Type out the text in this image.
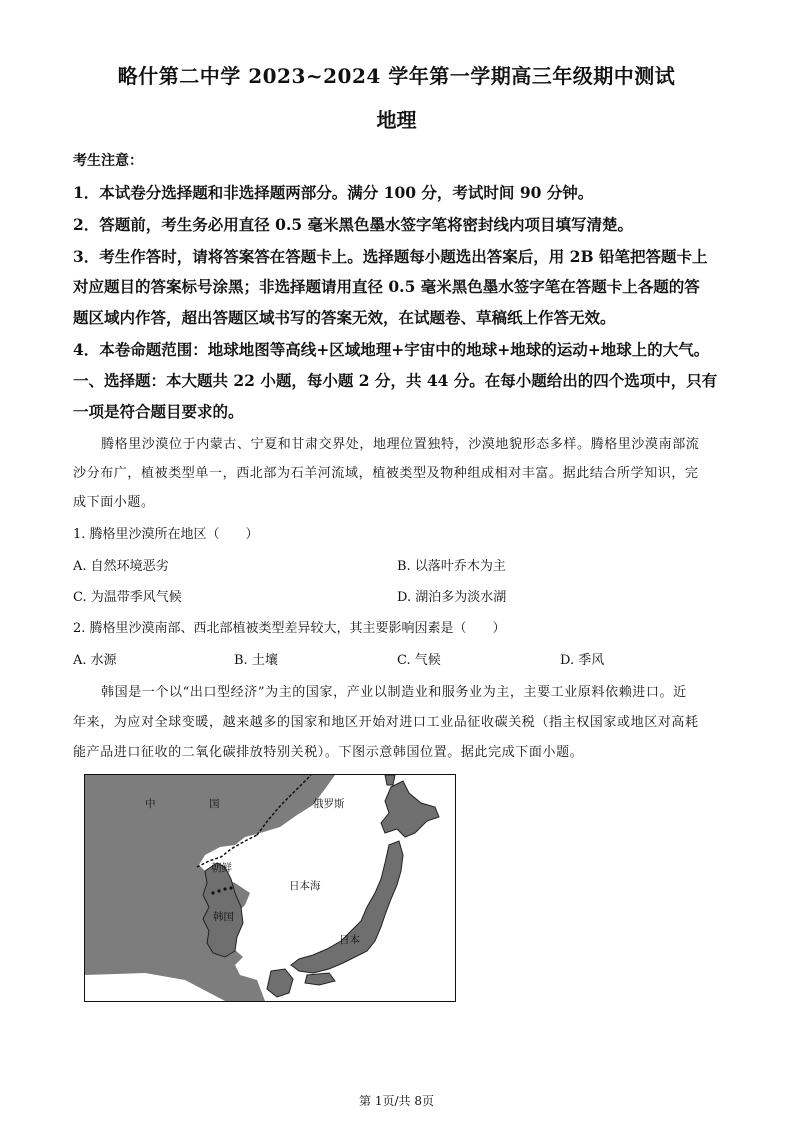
略什第二中学 2023~2024 学年第一学期高三年级期中测试
地理
考生注意：
1．本试卷分选择题和非选择题两部分。满分 100 分，考试时间 90 分钟。
2．答题前，考生务必用直径 0.5 毫米黑色墨水签字笔将密封线内项目填写清楚。
3．考生作答时，请将答案答在答题卡上。选择题每小题选出答案后，用 2B 铅笔把答题卡上
对应题目的答案标号涂黑；非选择题请用直径 0.5 毫米黑色墨水签字笔在答题卡上各题的答
题区域内作答，超出答题区域书写的答案无效，在试题卷、草稿纸上作答无效。
4．本卷命题范围：地球地图等高线+区域地理+宇宙中的地球+地球的运动+地球上的大气。
一、选择题：本大题共 22 小题，每小题 2 分，共 44 分。在每小题给出的四个选项中，只有
一项是符合题目要求的。
腾格里沙漠位于内蒙古、宁夏和甘肃交界处，地理位置独特，沙漠地貌形态多样。腾格里沙漠南部流
沙分布广，植被类型单一，西北部为石羊河流域，植被类型及物种组成相对丰富。据此结合所学知识，完
成下面小题。
1. 腾格里沙漠所在地区（　　）
A. 自然环境恶劣	B. 以落叶乔木为主
C. 为温带季风气候	D. 湖泊多为淡水湖
2. 腾格里沙漠南部、西北部植被类型差异较大，其主要影响因素是（　　）
A. 水源	B. 土壤	C. 气候	D. 季风
韩国是一个以“出口型经济”为主的国家，产业以制造业和服务业为主，主要工业原料依赖进口。近
年来，为应对全球变暖，越来越多的国家和地区开始对进口工业品征收碳关税（指主权国家或地区对高耗
能产品进口征收的二氧化碳排放特别关税）。下图示意韩国位置。据此完成下面小题。
中	国	俄罗斯
朝鲜
韩国
日本海
日本
第 1页/共 8页
